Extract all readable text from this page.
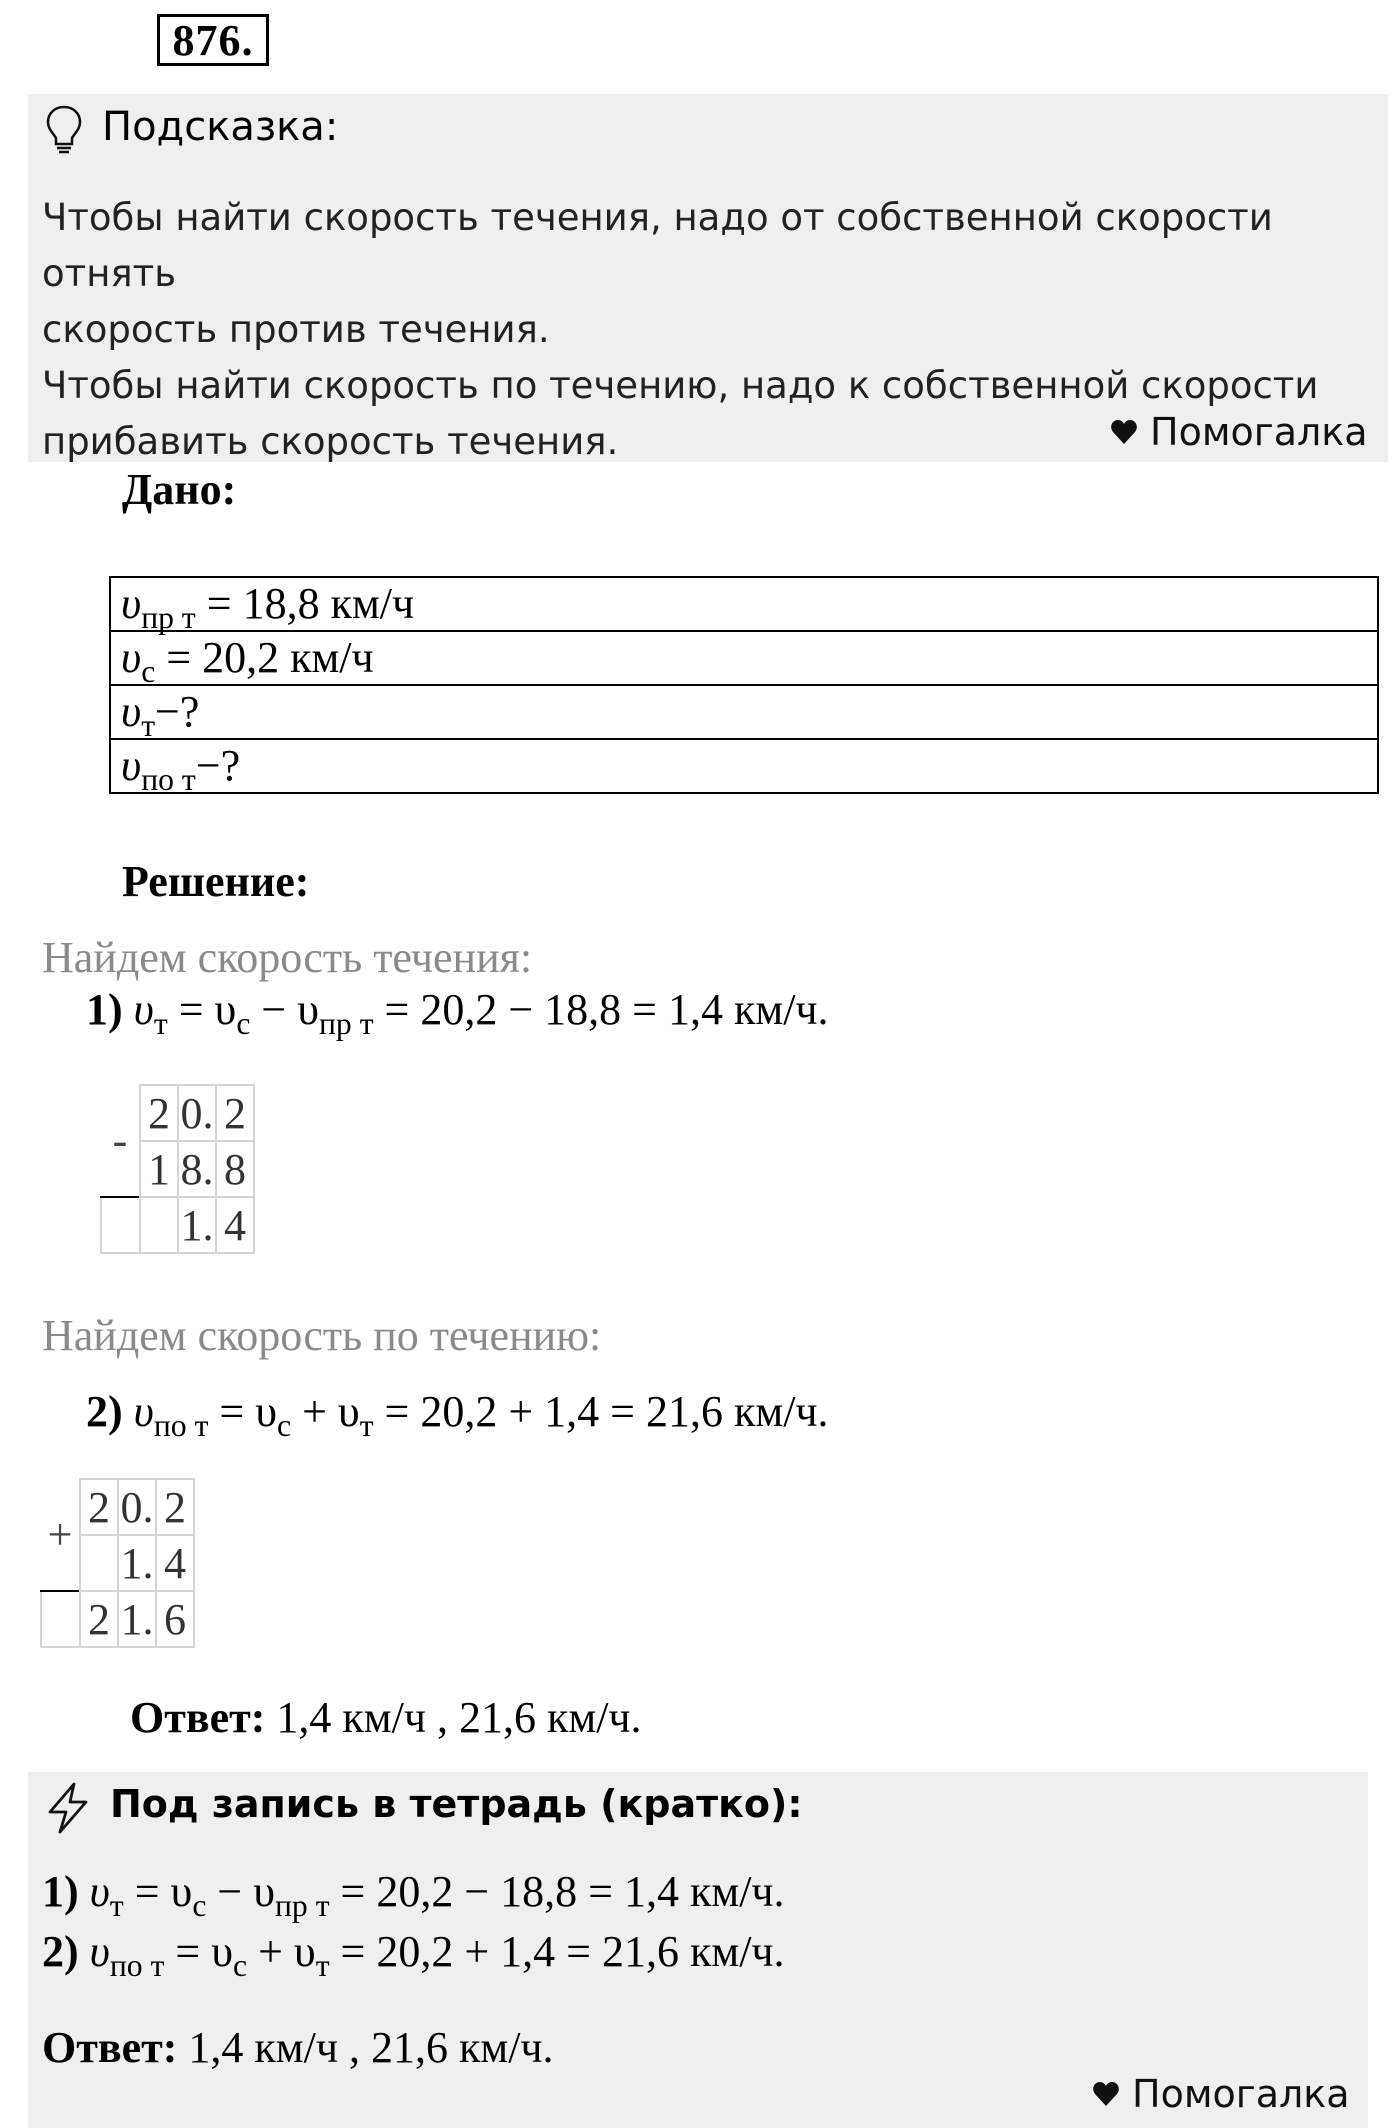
876.
Подсказка:
Чтобы найти скорость течения, надо от собственной скорости отнять
скорость против течения.
Чтобы найти скорость по течению, надо к собственной скорости
прибавить скорость течения.	Помогалка
Дано:
$\upsilon_{пр т} = 18,8$ км/ч
$\upsilon_с = 20,2$ км/ч
$\upsilon_т-$?
$\upsilon_{по т}-$?
Решение:
Найдем скорость течения:
1) $\upsilon_т = \upsilon_с - \upsilon_{пр т} = 20,2 - 18,8 = 1,4$ км/ч.
-	2	0.	2
	1	8.	8
		1.	4
Найдем скорость по течению:
2) $\upsilon_{по т} = \upsilon_с + \upsilon_т = 20,2 + 1,4 = 21,6$ км/ч.
+	2	0.	2
		1.	4
	2	1.	6
Ответ: 1,4 км/ч , 21,6 км/ч.
Под запись в тетрадь (кратко):
1) $\upsilon_т = \upsilon_с - \upsilon_{пр т} = 20,2 - 18,8 = 1,4$ км/ч.
2) $\upsilon_{по т} = \upsilon_с + \upsilon_т = 20,2 + 1,4 = 21,6$ км/ч.
Ответ: 1,4 км/ч , 21,6 км/ч.
Помогалка
